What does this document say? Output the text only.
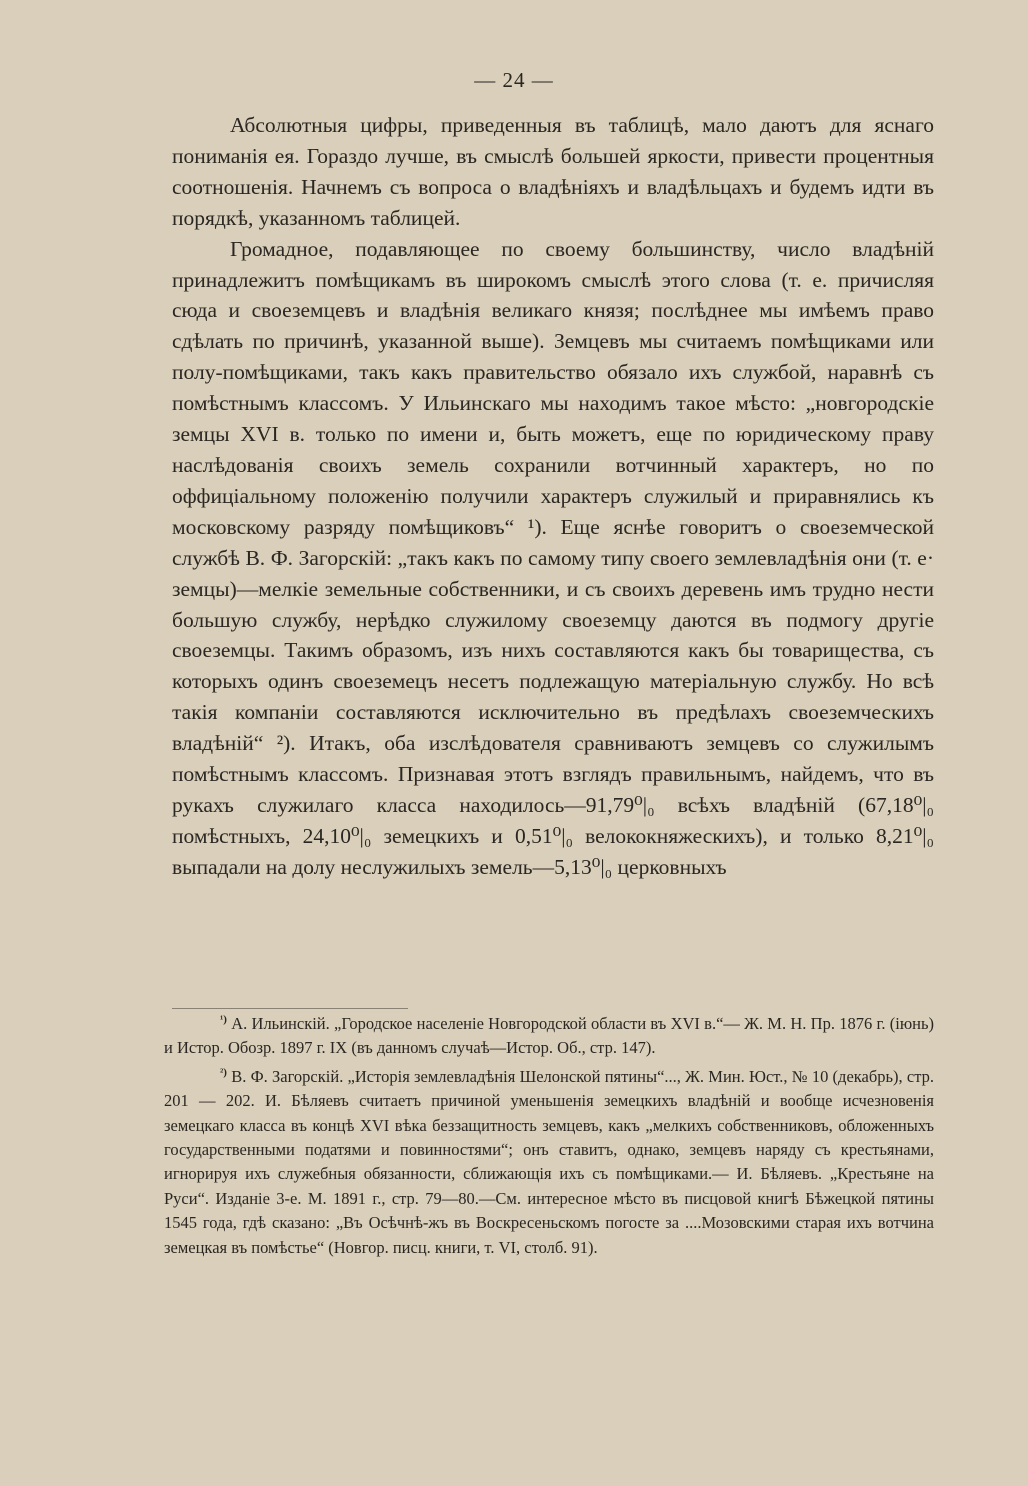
— 24 —

Абсолютныя цифры, приведенныя въ таблицѣ, мало даютъ для яснаго пониманія ея. Гораздо лучше, въ смыслѣ большей яркости, привести процентныя соотношенія. Начнемъ съ вопроса о владѣніяхъ и владѣльцахъ и будемъ идти въ порядкѣ, указанномъ таблицей.

Громадное, подавляющее по своему большинству, число владѣній принадлежитъ помѣщикамъ въ широкомъ смыслѣ этого слова (т. е. причисляя сюда и своеземцевъ и владѣнія великаго князя; послѣднее мы имѣемъ право сдѣлать по причинѣ, указанной выше). Земцевъ мы считаемъ помѣщиками или полу-помѣщиками, такъ какъ правительство обязало ихъ службой, наравнѣ съ помѣстнымъ классомъ. У Ильинскаго мы находимъ такое мѣсто: „новгородскіе земцы XVI в. только по имени и, быть можетъ, еще по юридическому праву наслѣдованія своихъ земель сохранили вотчинный характеръ, но по оффиціальному положенію получили характеръ служилый и приравнялись къ московскому разряду помѣщиковъ“ ¹). Еще яснѣе говоритъ о своеземческой службѣ В. Ф. Загорскій: „такъ какъ по самому типу своего землевладѣнія они (т. е· земцы)—мелкіе земельные собственники, и съ своихъ деревень имъ трудно нести большую службу, нерѣдко служилому своеземцу даются въ подмогу другіе своеземцы. Такимъ образомъ, изъ нихъ составляются какъ бы товарищества, съ которыхъ одинъ своеземецъ несетъ подлежащую матеріальную службу. Но всѣ такія компаніи составляются исключительно въ предѣлахъ своеземческихъ владѣній“ ²). Итакъ, оба изслѣдователя сравниваютъ земцевъ со служилымъ помѣстнымъ классомъ. Признавая этотъ взглядъ правильнымъ, найдемъ, что въ рукахъ служилаго класса находилось—91,79⁰|₀ всѣхъ владѣній (67,18⁰|₀ помѣстныхъ, 24,10⁰|₀ земецкихъ и 0,51⁰|₀ велококняжескихъ), и только 8,21⁰|₀ выпадали на долу неслужилыхъ земель—5,13⁰|₀ церковныхъ

$^{^1)}$ А. Ильинскій. „Городское населеніе Новгородской области въ XVI в.“— Ж. М. Н. Пр. 1876 г. (іюнь) и Истор. Обозр. 1897 г. IX (въ данномъ случаѣ—Истор. Об., стр. 147).

$^{^2)}$ В. Ф. Загорскій. „Исторія землевладѣнія Шелонской пятины“..., Ж. Мин. Юст., № 10 (декабрь), стр. 201 — 202. И. Бѣляевъ считаетъ причиной уменьшенія земецкихъ владѣній и вообще исчезновенія земецкаго класса въ концѣ XVI вѣка беззащитность земцевъ, какъ „мелкихъ собственниковъ, обложенныхъ государственными податями и повинностями“; онъ ставитъ, однако, земцевъ наряду съ крестьянами, игнорируя ихъ служебныя обязанности, сближающія ихъ съ помѣщиками.— И. Бѣляевъ. „Крестьяне на Руси“. Изданіе 3-е. М. 1891 г., стр. 79—80.—См. интересное мѣсто въ писцовой книгѣ Бѣжецкой пятины 1545 года, гдѣ сказано: „Въ Осѣчнѣ-жъ въ Воскресеньскомъ погосте за ....Мозовскими старая ихъ вотчина земецкая въ помѣстье“ (Новгор. писц. книги, т. VI, столб. 91).
